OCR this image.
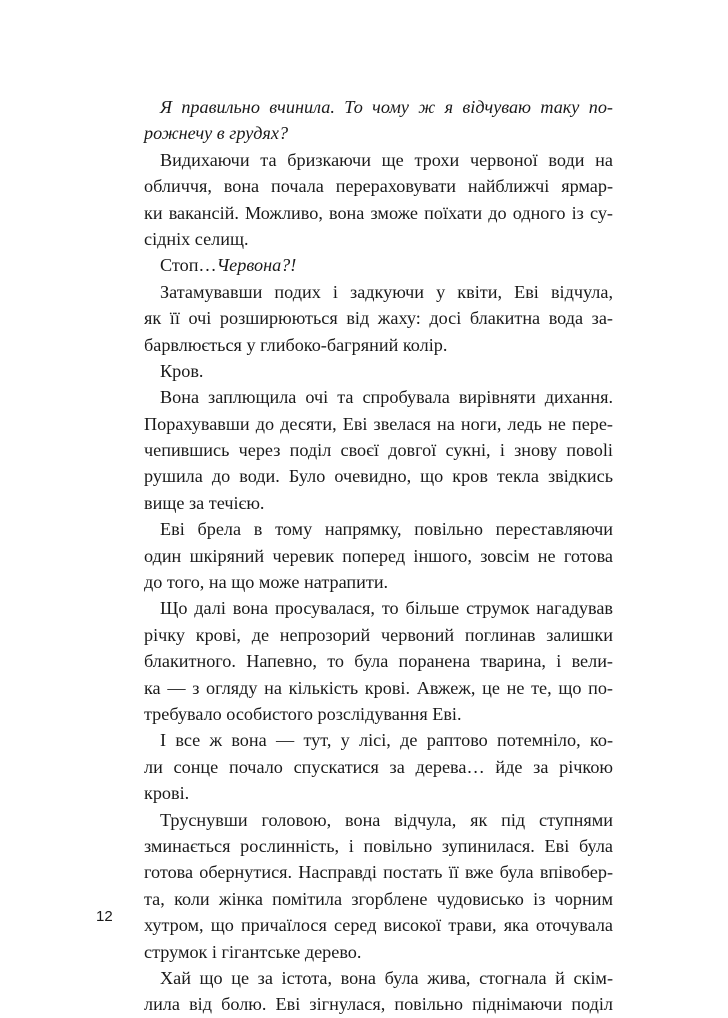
Я правильно вчинила. То чому ж я відчуваю таку по-
рожнечу в грудях?
Видихаючи та бризкаючи ще трохи червоної води на
обличчя, вона почала перераховувати найближчі ярмар-
ки вакансій. Можливо, вона зможе поїхати до одного із су-
сідніх селищ.
Стоп…Червона?!
Затамувавши подих і задкуючи у квіти, Еві відчула,
як її очі розширюються від жаху: досі блакитна вода за-
барвлюється у глибоко-багряний колір.
Кров.
Вона заплющила очі та спробувала вирівняти дихання.
Порахувавши до десяти, Еві звелася на ноги, ледь не пере-
чепившись через поділ своєї довгої сукні, і знову повolі
рушила до води. Було очевидно, що кров текла звідкись
вище за течією.
Еві брела в тому напрямку, повільно переставляючи
один шкіряний черевик поперед іншого, зовсім не готова
до того, на що може натрапити.
Що далі вона просувалася, то більше струмок нагадував
річку крові, де непрозорий червоний поглинав залишки
блакитного. Напевно, то була поранена тварина, і вели-
ка — з огляду на кількість крові. Авжеж, це не те, що по-
требувало особистого розслідування Еві.
І все ж вона — тут, у лісі, де раптово потемніло, ко-
ли сонце почало спускатися за дерева… йде за річкою
крові.
Труснувши головою, вона відчула, як під ступнями
зминається рослинність, і повільно зупинилася. Еві була
готова обернутися. Насправді постать її вже була впівобер-
та, коли жінка помітила згорблене чудовисько із чорним
хутром, що причаїлося серед високої трави, яка оточувала
струмок і гігантське дерево.
Хай що це за істота, вона була жива, стогнала й скім-
лила від болю. Еві зігнулася, повільно піднімаючи поділ
12
